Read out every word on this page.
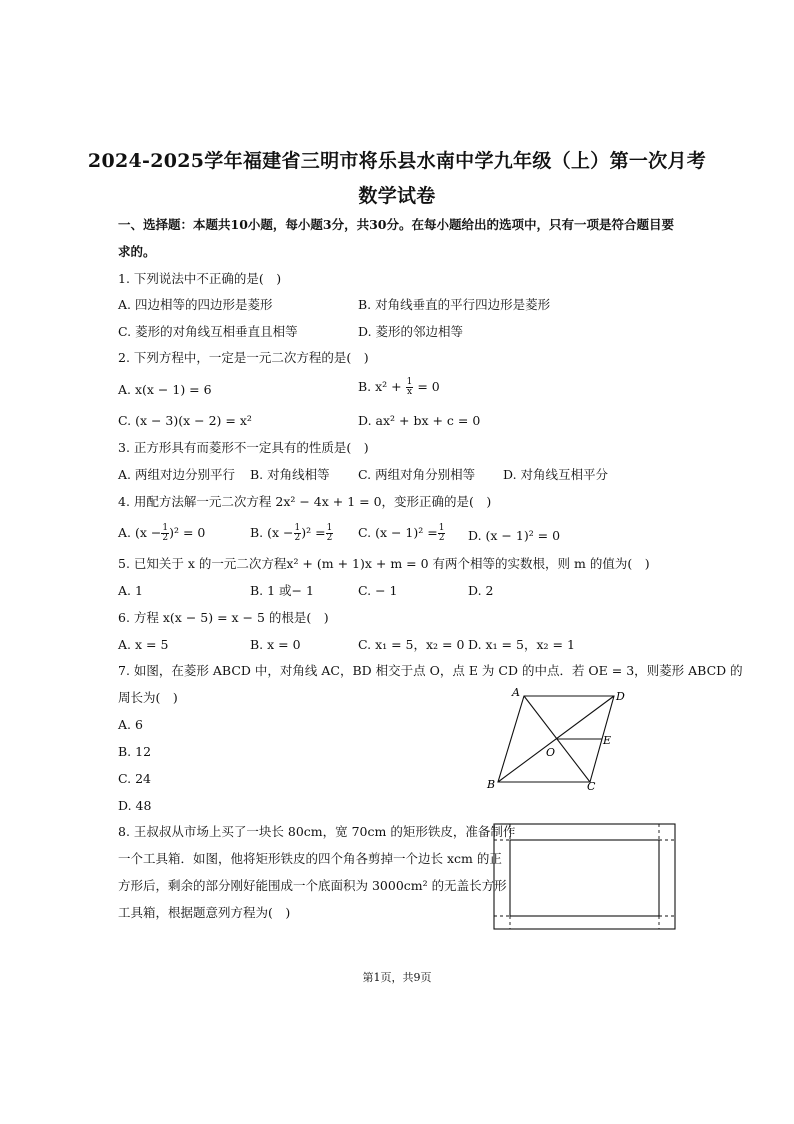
2024-2025学年福建省三明市将乐县水南中学九年级（上）第一次月考
数学试卷
一、选择题：本题共10小题，每小题3分，共30分。在每小题给出的选项中，只有一项是符合题目要求的。
1. 下列说法中不正确的是(　)
A. 四边相等的四边形是菱形	B. 对角线垂直的平行四边形是菱形
C. 菱形的对角线互相垂直且相等	D. 菱形的邻边相等
2. 下列方程中，一定是一元二次方程的是(　)
A. x(x − 1) = 6	B. $x^2 + \frac{1}{x} = 0$
C. (x − 3)(x − 2) = x²	D. ax² + bx + c = 0
3. 正方形具有而菱形不一定具有的性质是(　)
A. 两组对边分别平行 B. 对角线相等 C. 两组对角分别相等 D. 对角线互相平分
4. 用配方法解一元二次方程 2x² − 4x + 1 = 0，变形正确的是(　)
A. $(x - \frac{1}{2} )^2 = 0$	B. $(x - \frac{1}{2} )^2 = \frac{1}{2} C$. $(x - 1)^2 = \frac{1}{2} D$. (x − 1)² = 0
5. 已知关于 x 的一元二次方程x² + (m + 1)x + m = 0 有两个相等的实数根，则 m 的值为(　)
A. 1	B. 1 或− 1	C. − 1	D. 2
6. 方程 x(x − 5) = x − 5 的根是(　)
A. x = 5	B. x = 0	C. x₁ = 5，x₂ = 0 D. x₁ = 5，x₂ = 1
7. 如图，在菱形 ABCD 中，对角线 AC，BD 相交于点 O，点 E 为 CD 的中点．若 OE = 3，则菱形 ABCD 的
周长为(　)
A. 6
B. 12
C. 24
D. 48
A	D
E
O
B	C
8. 王叔叔从市场上买了一块长 80cm，宽 70cm 的矩形铁皮，准备制作
一个工具箱．如图，他将矩形铁皮的四个角各剪掉一个边长 xcm 的正
方形后，剩余的部分刚好能围成一个底面积为 3000cm² 的无盖长方形
工具箱，根据题意列方程为(　)
第1页，共9页
